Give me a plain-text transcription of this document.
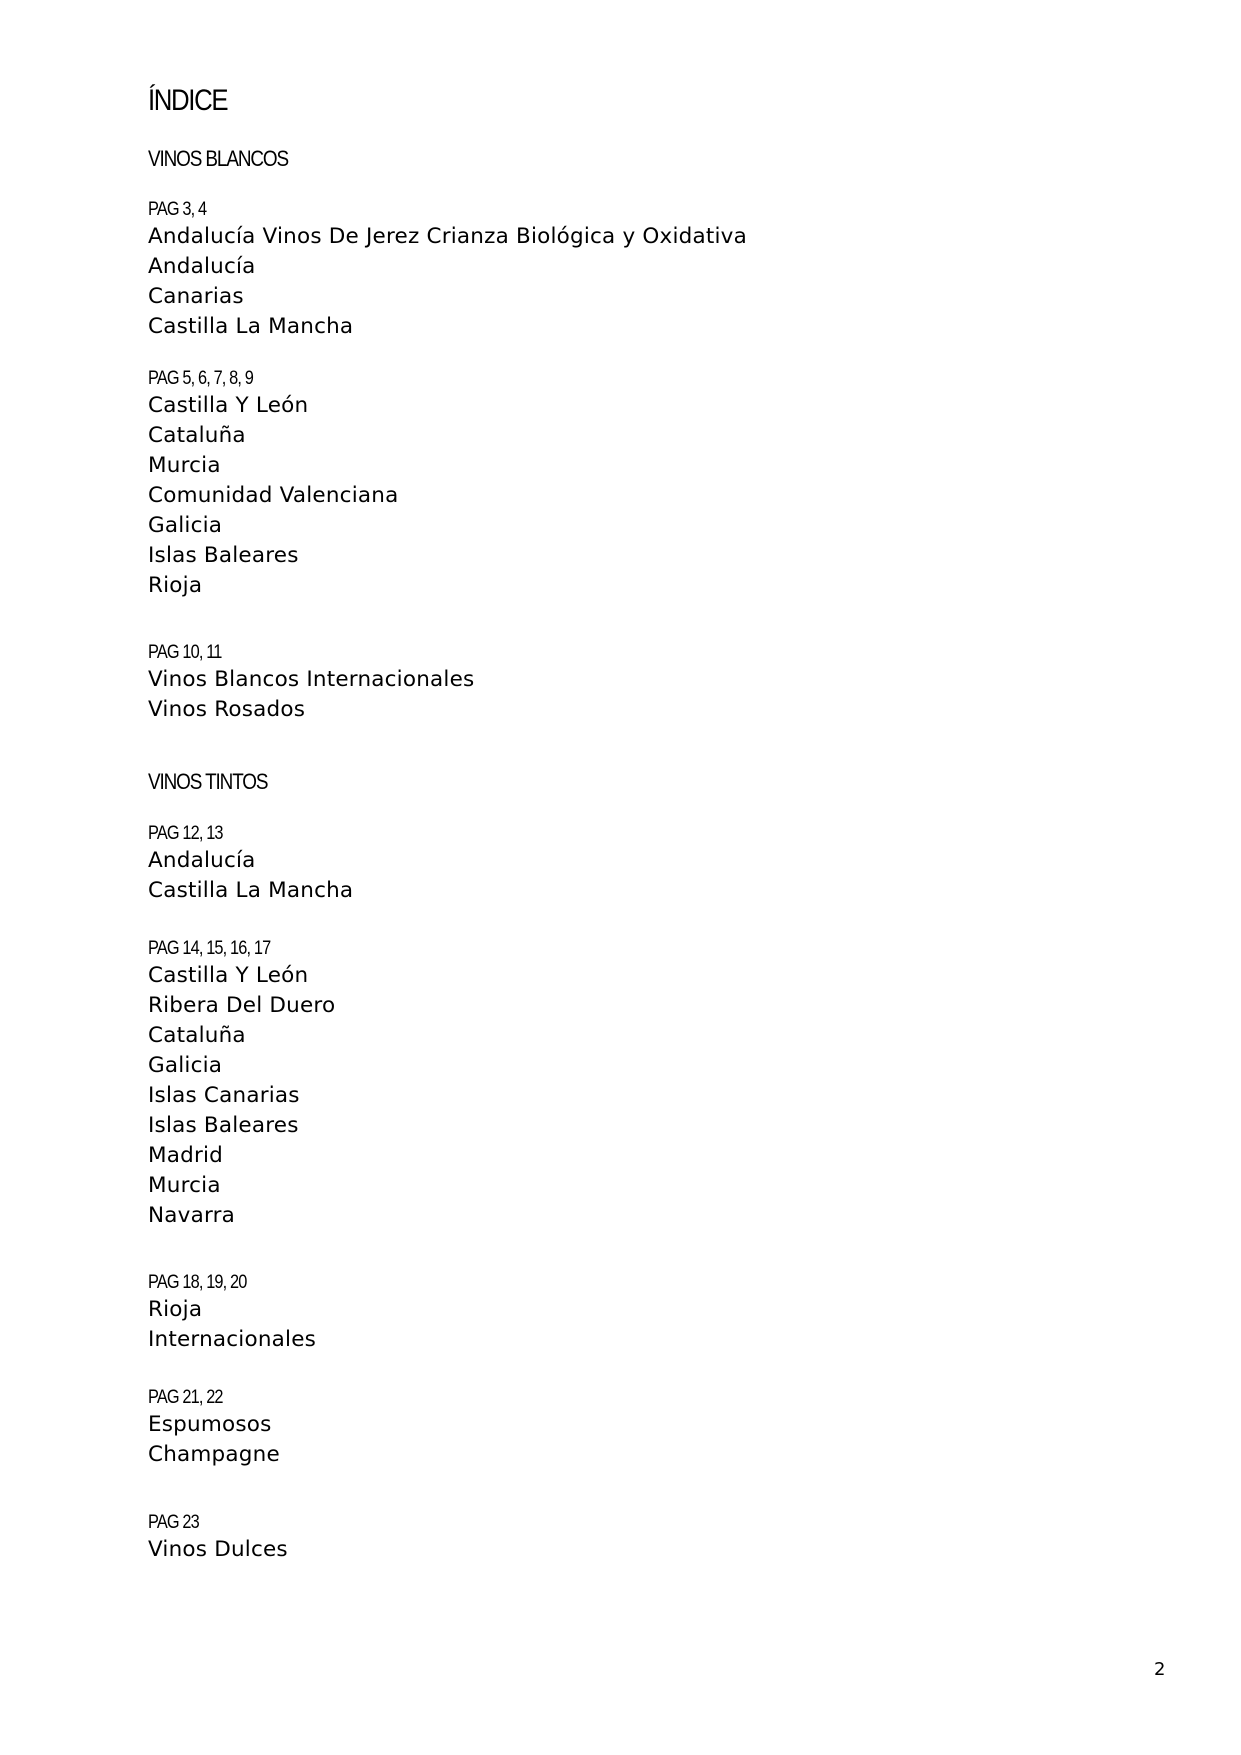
ÍNDICE
VINOS BLANCOS
PAG 3, 4
Andalucía Vinos De Jerez Crianza Biológica y Oxidativa
Andalucía
Canarias
Castilla La Mancha
PAG 5, 6, 7, 8, 9
Castilla Y León
Cataluña
Murcia
Comunidad Valenciana
Galicia
Islas Baleares
Rioja
PAG 10, 11
Vinos Blancos Internacionales
Vinos Rosados
VINOS TINTOS
PAG 12, 13
Andalucía
Castilla La Mancha
PAG 14, 15, 16, 17
Castilla Y León
Ribera Del Duero
Cataluña
Galicia
Islas Canarias
Islas Baleares
Madrid
Murcia
Navarra
PAG 18, 19, 20
Rioja
Internacionales
PAG 21, 22
Espumosos
Champagne
PAG 23
Vinos Dulces
2
